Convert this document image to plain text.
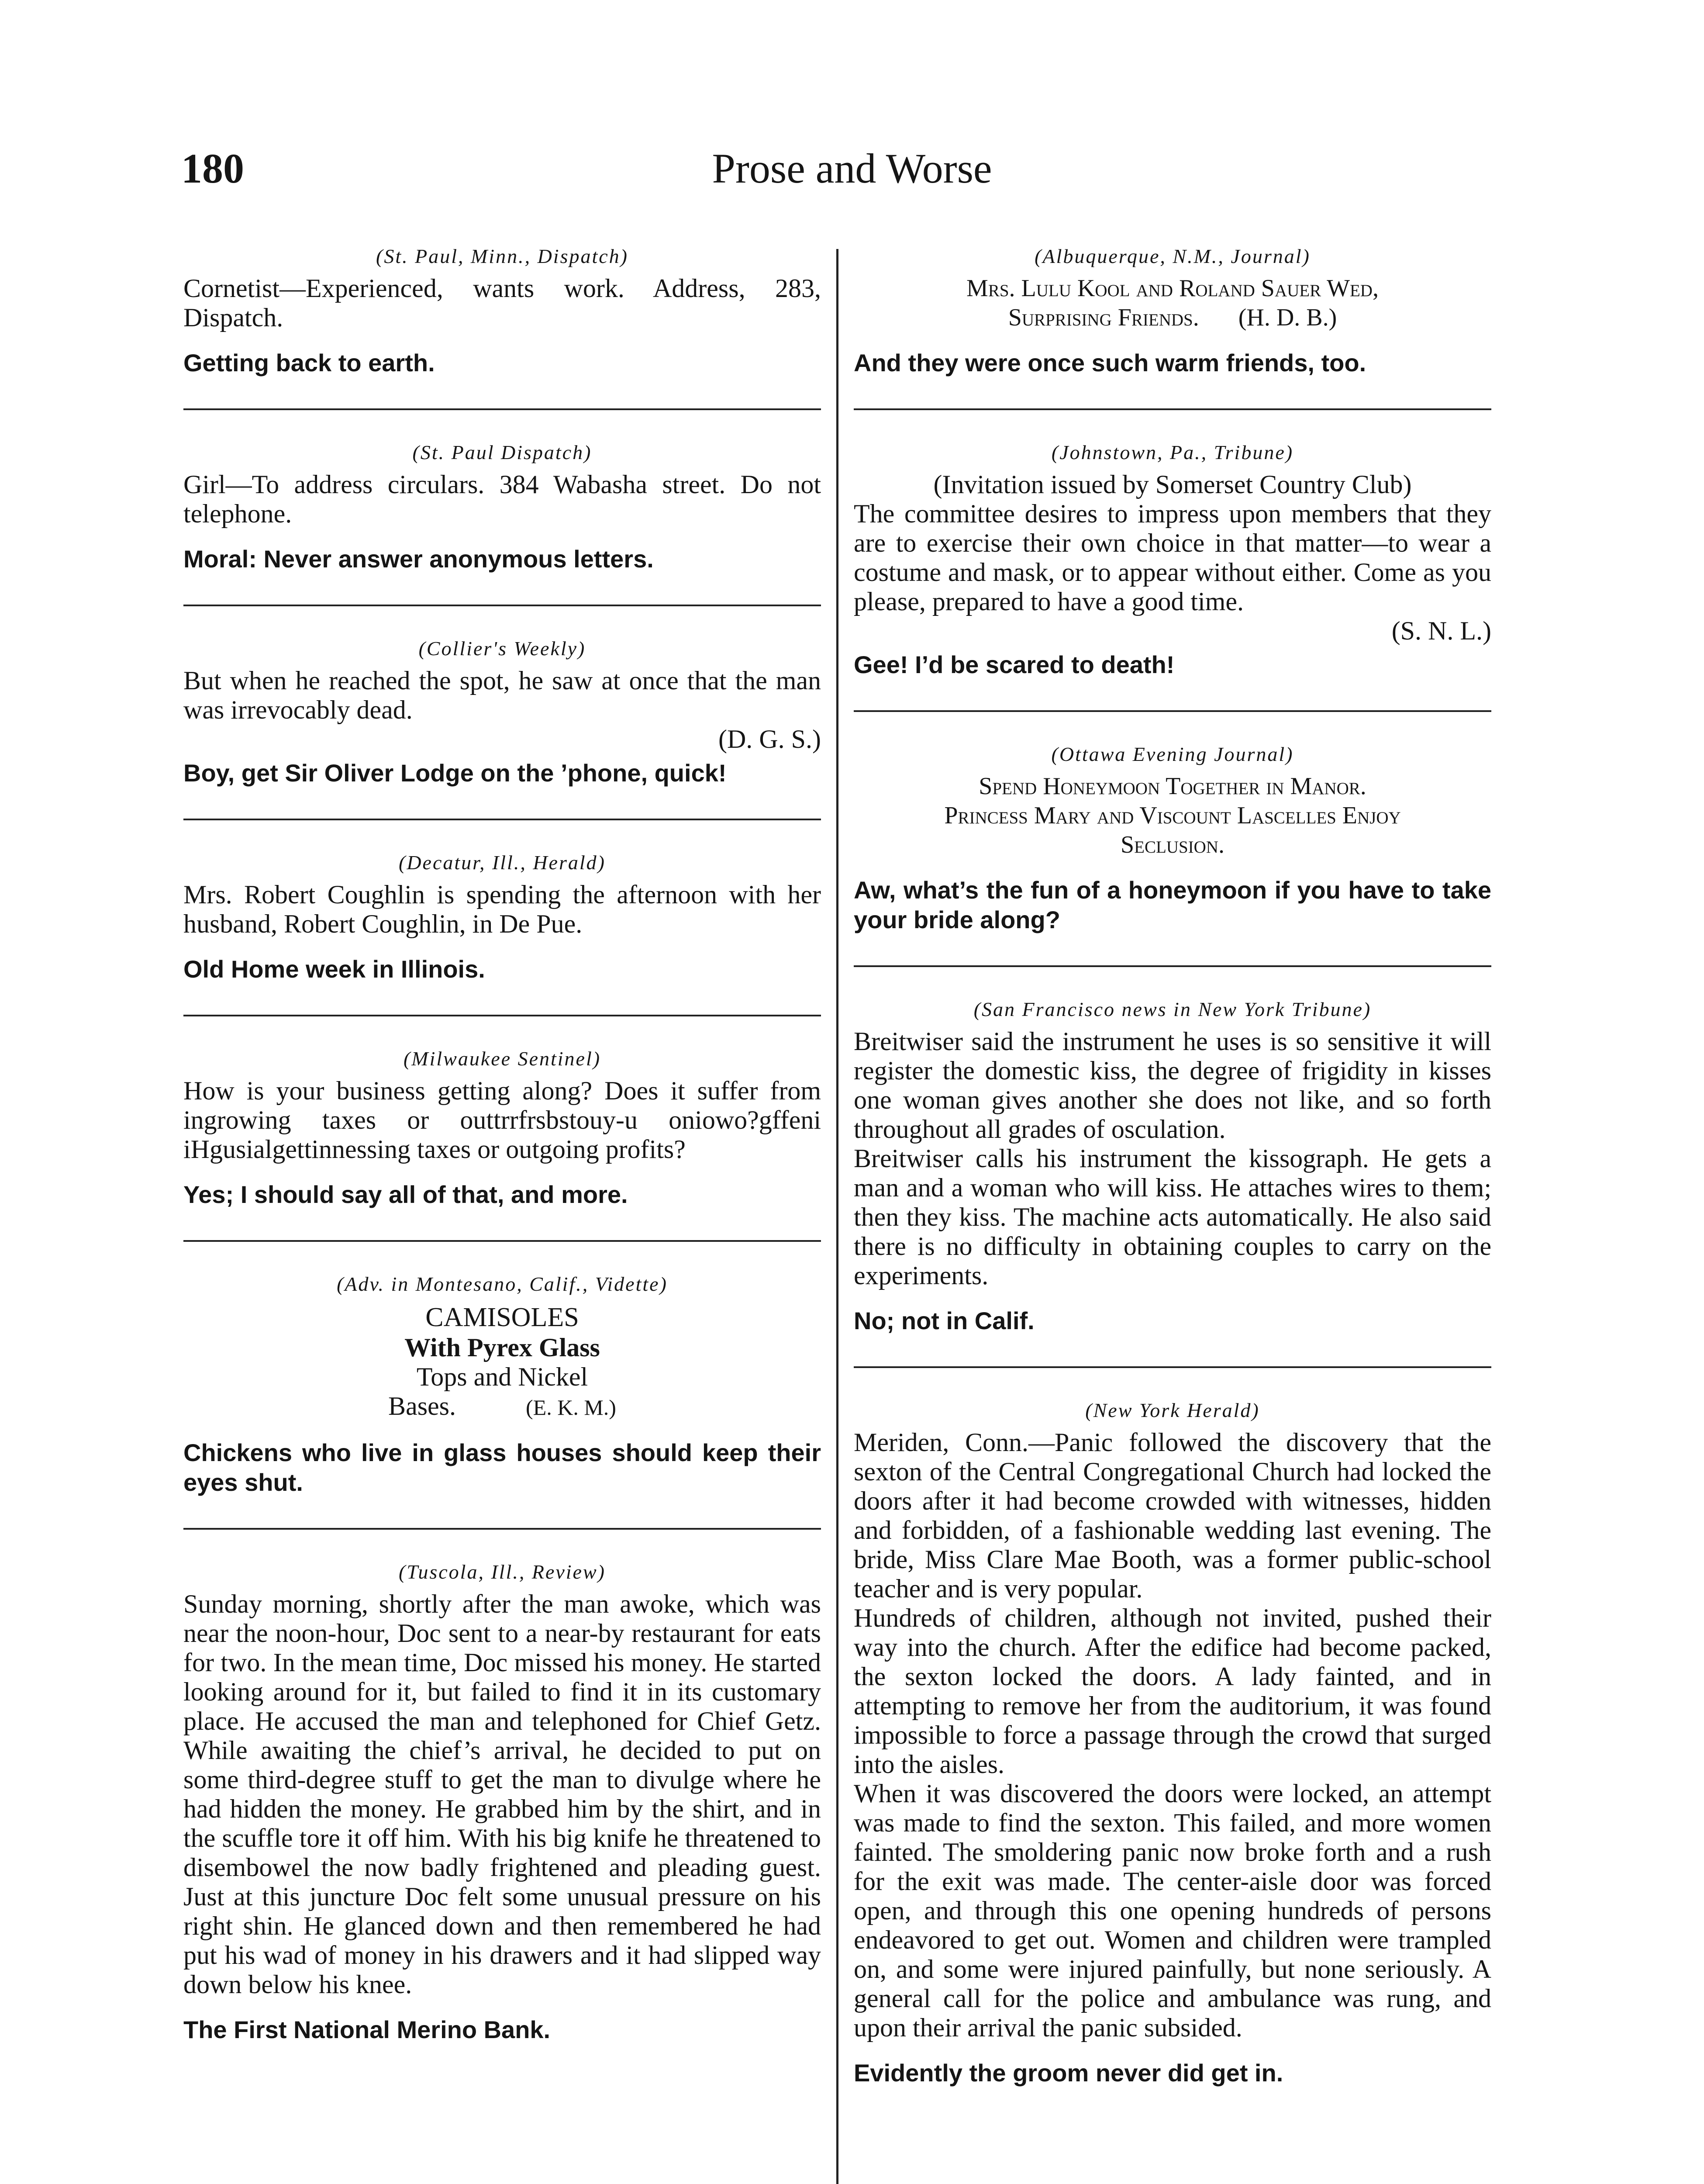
180	Prose and Worse

(St. Paul, Minn., Dispatch)

Cornetist—Experienced, wants work. Address, 283, Dispatch.

Getting back to earth.

(St. Paul Dispatch)

Girl—To address circulars. 384 Wabasha street. Do not telephone.

Moral: Never answer anonymous letters.

(Collier's Weekly)

But when he reached the spot, he saw at once that the man was irrevocably dead.

(D. G. S.)

Boy, get Sir Oliver Lodge on the ’phone, quick!

(Decatur, Ill., Herald)

Mrs. Robert Coughlin is spending the afternoon with her husband, Robert Coughlin, in De Pue.

Old Home week in Illinois.

(Milwaukee Sentinel)

How is your business getting along? Does it suffer from ingrowing taxes or outtrrfrsbstouy-u oniowo?gffeni iHgusialgettinnessing taxes or outgoing profits?

Yes; I should say all of that, and more.

(Adv. in Montesano, Calif., Vidette)

CAMISOLES

With Pyrex Glass

Tops and Nickel

Bases.	(E. K. M.)

Chickens who live in glass houses should keep their eyes shut.

(Tuscola, Ill., Review)

Sunday morning, shortly after the man awoke, which was near the noon-hour, Doc sent to a near-by restaurant for eats for two. In the mean time, Doc missed his money. He started looking around for it, but failed to find it in its customary place. He accused the man and telephoned for Chief Getz. While awaiting the chief’s arrival, he decided to put on some third-degree stuff to get the man to divulge where he had hidden the money. He grabbed him by the shirt, and in the scuffle tore it off him. With his big knife he threatened to disembowel the now badly frightened and pleading guest. Just at this juncture Doc felt some unusual pressure on his right shin. He glanced down and then remembered he had put his wad of money in his drawers and it had slipped way down below his knee.

The First National Merino Bank.

(Albuquerque, N.M., Journal)

Mrs. Lulu Kool and Roland Sauer Wed,

Surprising Friends. (H. D. B.)

And they were once such warm friends, too.

(Johnstown, Pa., Tribune)

(Invitation issued by Somerset Country Club)

The committee desires to impress upon members that they are to exercise their own choice in that matter—to wear a costume and mask, or to appear without either. Come as you please, prepared to have a good time.

(S. N. L.)

Gee! I’d be scared to death!

(Ottawa Evening Journal)

Spend Honeymoon Together in Manor.

Princess Mary and Viscount Lascelles Enjoy

Seclusion.

Aw, what’s the fun of a honeymoon if you have to take your bride along?

(San Francisco news in New York Tribune)

Breitwiser said the instrument he uses is so sensitive it will register the domestic kiss, the degree of frigidity in kisses one woman gives another she does not like, and so forth throughout all grades of osculation.

Breitwiser calls his instrument the kissograph. He gets a man and a woman who will kiss. He attaches wires to them; then they kiss. The machine acts automatically. He also said there is no difficulty in obtaining couples to carry on the experiments.

No; not in Calif.

(New York Herald)

Meriden, Conn.—Panic followed the discovery that the sexton of the Central Congregational Church had locked the doors after it had become crowded with witnesses, hidden and forbidden, of a fashionable wedding last evening. The bride, Miss Clare Mae Booth, was a former public-school teacher and is very popular.

Hundreds of children, although not invited, pushed their way into the church. After the edifice had become packed, the sexton locked the doors. A lady fainted, and in attempting to remove her from the auditorium, it was found impossible to force a passage through the crowd that surged into the aisles.

When it was discovered the doors were locked, an attempt was made to find the sexton. This failed, and more women fainted. The smoldering panic now broke forth and a rush for the exit was made. The center-aisle door was forced open, and through this one opening hundreds of persons endeavored to get out. Women and children were trampled on, and some were injured painfully, but none seriously. A general call for the police and ambulance was rung, and upon their arrival the panic subsided.

Evidently the groom never did get in.
